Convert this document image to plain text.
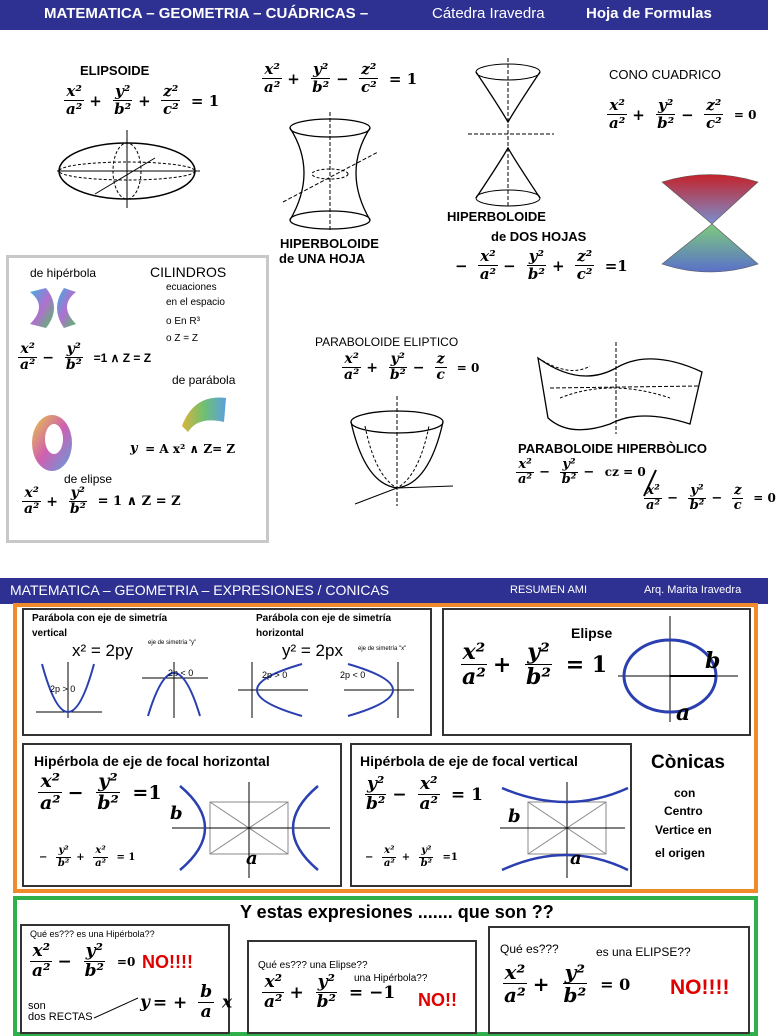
MATEMATICA – GEOMETRIA – CUÁDRICAS –	Cátedra Iravedra	Hoja de Formulas
ELIPSOIDE
$\frac{\text{x²}}{\text{a²}} + \frac{\text{y²}}{\text{b²}} + \frac{\text{z²}}{\text{c²}} = 1$
$\frac{\text{x²}}{\text{a²}} + \frac{\text{y²}}{\text{b²}} - \frac{\text{z²}}{\text{c²}} = 1$
HIPERBOLOIDE
de UNA HOJA
CONO CUADRICO
$\frac{\text{x²}}{\text{a²}} + \frac{\text{y²}}{\text{b²}} - \frac{\text{z²}}{\text{c²}} = 0$
HIPERBOLOIDE
de DOS HOJAS
− $\frac{\text{x²}}{\text{a²}} - \frac{\text{y²}}{\text{b²}} + \frac{\text{z²}}{\text{c²}} =1$
de hipérbola	CILINDROS
ecuaciones
en el espacio
o En R³
o Z = Z
$\frac{\text{x²}}{\text{a²}} - \frac{\text{y²}}{\text{b²}} =1$ ∧ Z = Z
de parábola
y = A x² ∧ Z= Z
de elipse
$\frac{\text{x²}}{\text{a²}} + \frac{\text{y²}}{\text{b²}} = 1$ ∧ Z = Z
PARABOLOIDE ELIPTICO
$\frac{\text{x²}}{\text{a²}} + \frac{\text{y²}}{\text{b²}} - \frac{z}{c} = 0$
PARABOLOIDE HIPERBÒLICO
$\frac{\text{x²}}{\text{a²}} - \frac{\text{y²}}{\text{b²}}$ − cz = 0
$\frac{\text{x²}}{\text{a²}} - \frac{\text{y²}}{\text{b²}} - \frac{z}{c} = 0$
MATEMATICA – GEOMETRIA – EXPRESIONES / CONICAS	RESUMEN AMI	Arq. Marita Iravedra
Parábola con eje de simetría
vertical
x² = 2py	eje de simetría "y"
2p > 0
2p < 0
Parábola con eje de simetría
horizontal
y² = 2px	eje de simetría "x"
2p > 0	2p < 0
Elipse
$\frac{\text{x²}}{\text{a²}} + \frac{\text{y²}}{\text{b²}} = 1$	b
a
Hipérbola de eje de focal horizontal
$\frac{\text{x²}}{\text{a²}} - \frac{\text{y²}}{\text{b²}} =1$
− $\frac{\text{y²}}{\text{b²}} + \frac{\text{x²}}{\text{a²}} = 1$
b
a
Hipérbola de eje de focal vertical
$\frac{\text{y²}}{\text{b²}} - \frac{\text{x²}}{\text{a²}} = 1$
− $\frac{\text{x²}}{\text{a²}} + \frac{\text{y²}}{\text{b²}} =1$
b
a
Cònicas
con
Centro
Vertice en
el origen
Y estas expresiones ....... que son ??
Qué es??? es una Hipérbola??
$\frac{\text{x²}}{\text{a²}} - \frac{\text{y²}}{\text{b²}} =0$ NO!!!!
son
dos RECTAS
y = + $\frac{b}{a}$ x
Qué es??? una Elipse??
una Hipérbola??
$\frac{\text{x²}}{\text{a²}} + \frac{\text{y²}}{\text{b²}} = -1$ NO!!
Qué es???	es una ELIPSE??
$\frac{\text{x²}}{\text{a²}} + \frac{\text{y²}}{\text{b²}} = 0$ NO!!!!
